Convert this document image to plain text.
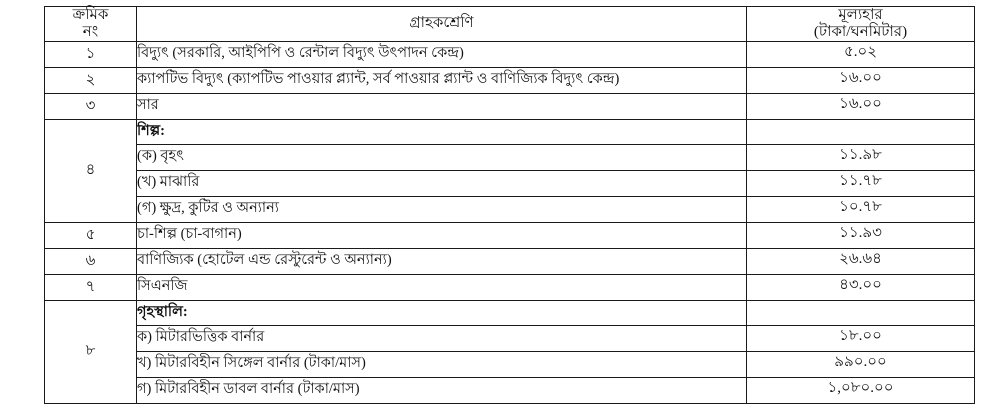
ক্রমিক
নং	গ্রাহকশ্রেণি	মূল্যহার
(টাকা/ঘনমিটার)

১	বিদ্যুৎ (সরকারি, আইপিপি ও রেন্টাল বিদ্যুৎ উৎপাদন কেন্দ্র)	৫.০২

২	ক্যাপটিভ বিদ্যুৎ (ক্যাপটিভ পাওয়ার প্ল্যান্ট, সর্ব পাওয়ার প্ল্যান্ট ও বাণিজ্যিক বিদ্যুৎ কেন্দ্র)	১৬.০০

৩	সার	১৬.০০

৪	শিল্প:	
	(ক) বৃহৎ	১১.৯৮

	(খ) মাঝারি	১১.৭৮

	(গ) ক্ষুদ্র, কুটির ও অন্যান্য	১০.৭৮

৫	চা-শিল্প (চা-বাগান)	১১.৯৩

৬	বাণিজ্যিক (হোটেল এন্ড রেস্টুরেন্ট ও অন্যান্য)	২৬.৬৪

৭	সিএনজি	৪৩.০০

৮	গৃহস্থালি:	
	ক) মিটারভিত্তিক বার্নার	১৮.০০

	খ) মিটারবিহীন সিঙ্গেল বার্নার (টাকা/মাস)	৯৯০.০০

	গ) মিটারবিহীন ডাবল বার্নার (টাকা/মাস)	১,০৮০.০০
